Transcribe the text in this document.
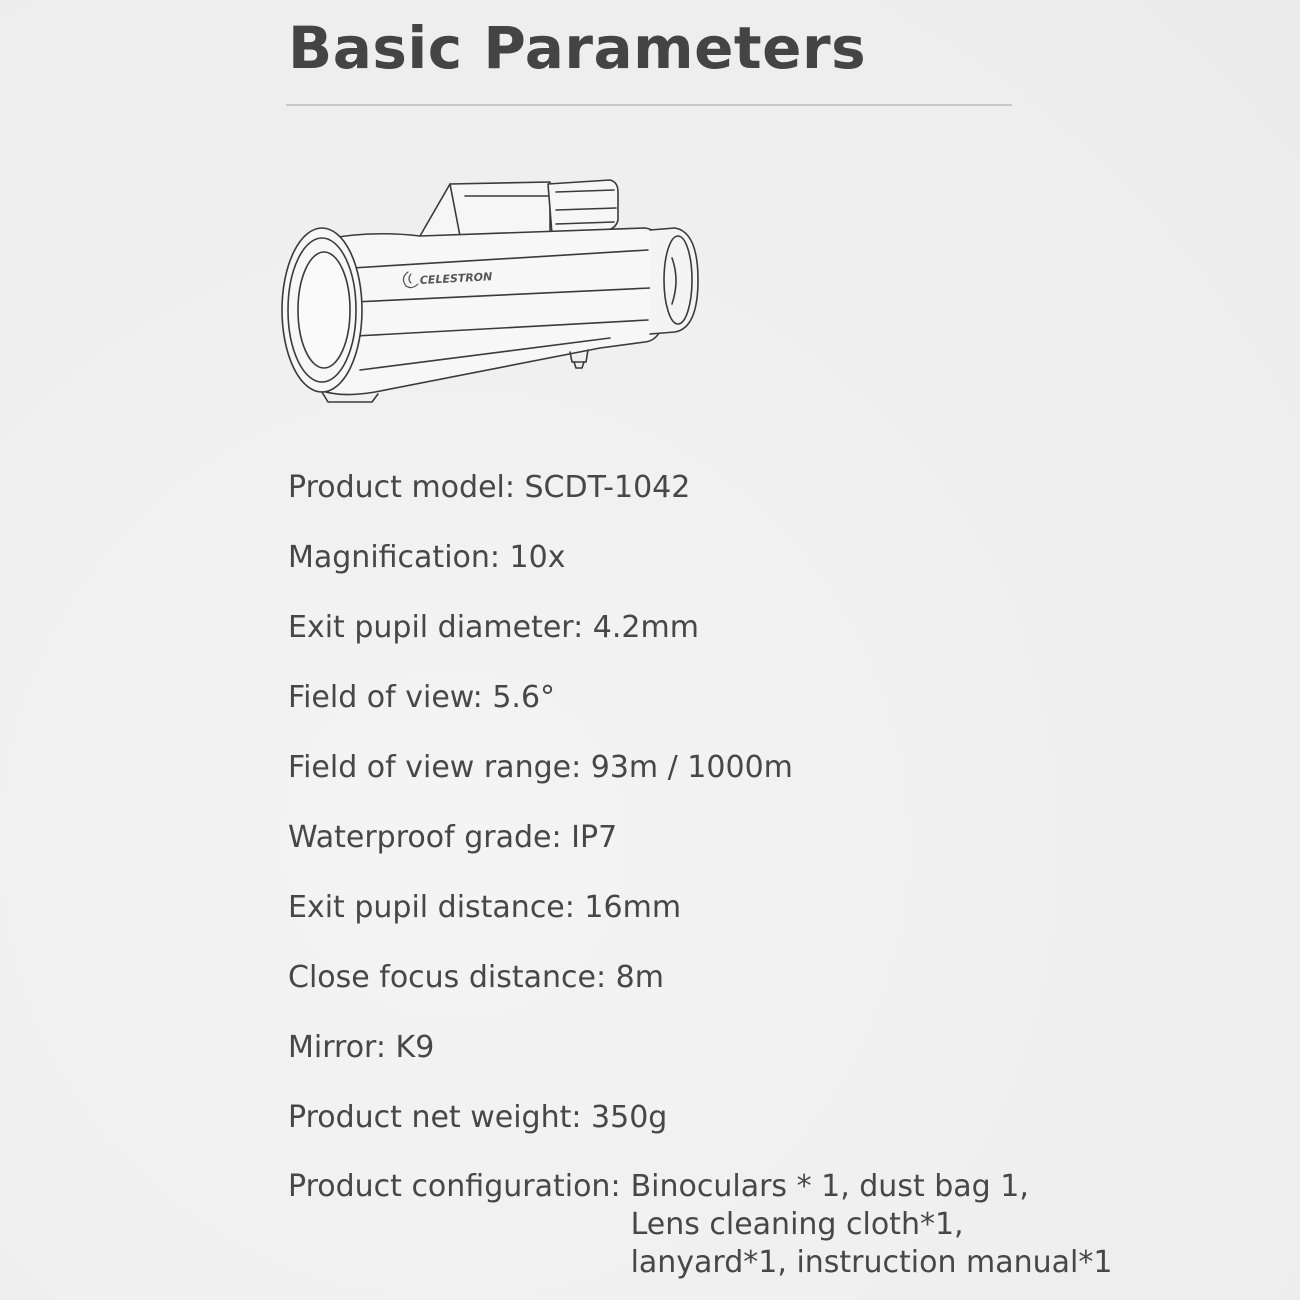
Basic Parameters
CELESTRON
Product model: SCDT-1042
Magnification: 10x
Exit pupil diameter: 4.2mm
Field of view: 5.6°
Field of view range: 93m / 1000m
Waterproof grade: IP7
Exit pupil distance: 16mm
Close focus distance: 8m
Mirror: K9
Product net weight: 350g
Product configuration: Binoculars * 1, dust bag 1,
Lens cleaning cloth*1,
lanyard*1, instruction manual*1
